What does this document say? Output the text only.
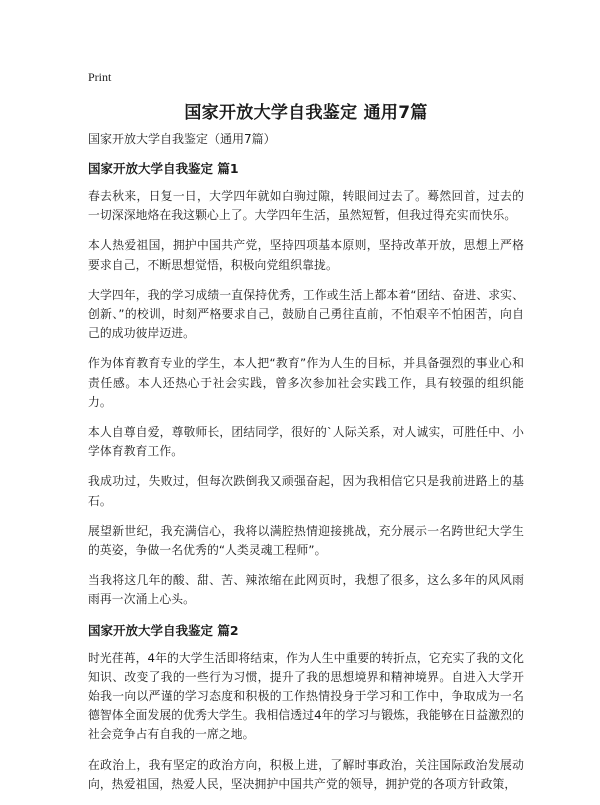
Print
国家开放大学自我鉴定 通用7篇

国家开放大学自我鉴定（通用7篇）

国家开放大学自我鉴定 篇1

春去秋来，日复一日，大学四年就如白驹过隙，转眼间过去了。蓦然回首，过去的一切深深地烙在我这颗心上了。大学四年生活，虽然短暂，但我过得充实而快乐。

本人热爱祖国，拥护中国共产党，坚持四项基本原则，坚持改革开放，思想上严格要求自己，不断思想觉悟，积极向党组织靠拢。

大学四年，我的学习成绩一直保持优秀，工作或生活上都本着“团结、奋进、求实、创新、”的校训，时刻严格要求自己，鼓励自己勇往直前，不怕艰辛不怕困苦，向自己的成功彼岸迈进。

作为体育教育专业的学生，本人把“教育”作为人生的目标，并具备强烈的事业心和责任感。本人还热心于社会实践，曾多次参加社会实践工作，具有较强的组织能力。

本人自尊自爱，尊敬师长，团结同学，很好的`人际关系，对人诚实，可胜任中、小学体育教育工作。

我成功过，失败过，但每次跌倒我又顽强奋起，因为我相信它只是我前进路上的基石。

展望新世纪，我充满信心，我将以满腔热情迎接挑战，充分展示一名跨世纪大学生的英姿，争做一名优秀的“人类灵魂工程师”。

当我将这几年的酸、甜、苦、辣浓缩在此网页时，我想了很多，这么多年的风风雨雨再一次涌上心头。

国家开放大学自我鉴定 篇2

时光荏苒，4年的大学生活即将结束，作为人生中重要的转折点，它充实了我的文化知识、改变了我的一些行为习惯，提升了我的思想境界和精神境界。自进入大学开始我一向以严谨的学习态度和积极的工作热情投身于学习和工作中，争取成为一名德智体全面发展的优秀大学生。我相信透过4年的学习与锻炼，我能够在日益激烈的社会竞争占有自我的一席之地。

在政治上，我有坚定的政治方向，积极上进，了解时事政治，关注国际政治发展动向，热爱祖国，热爱人民，坚决拥护中国共产党的领导，拥护党的各项方针政策，
